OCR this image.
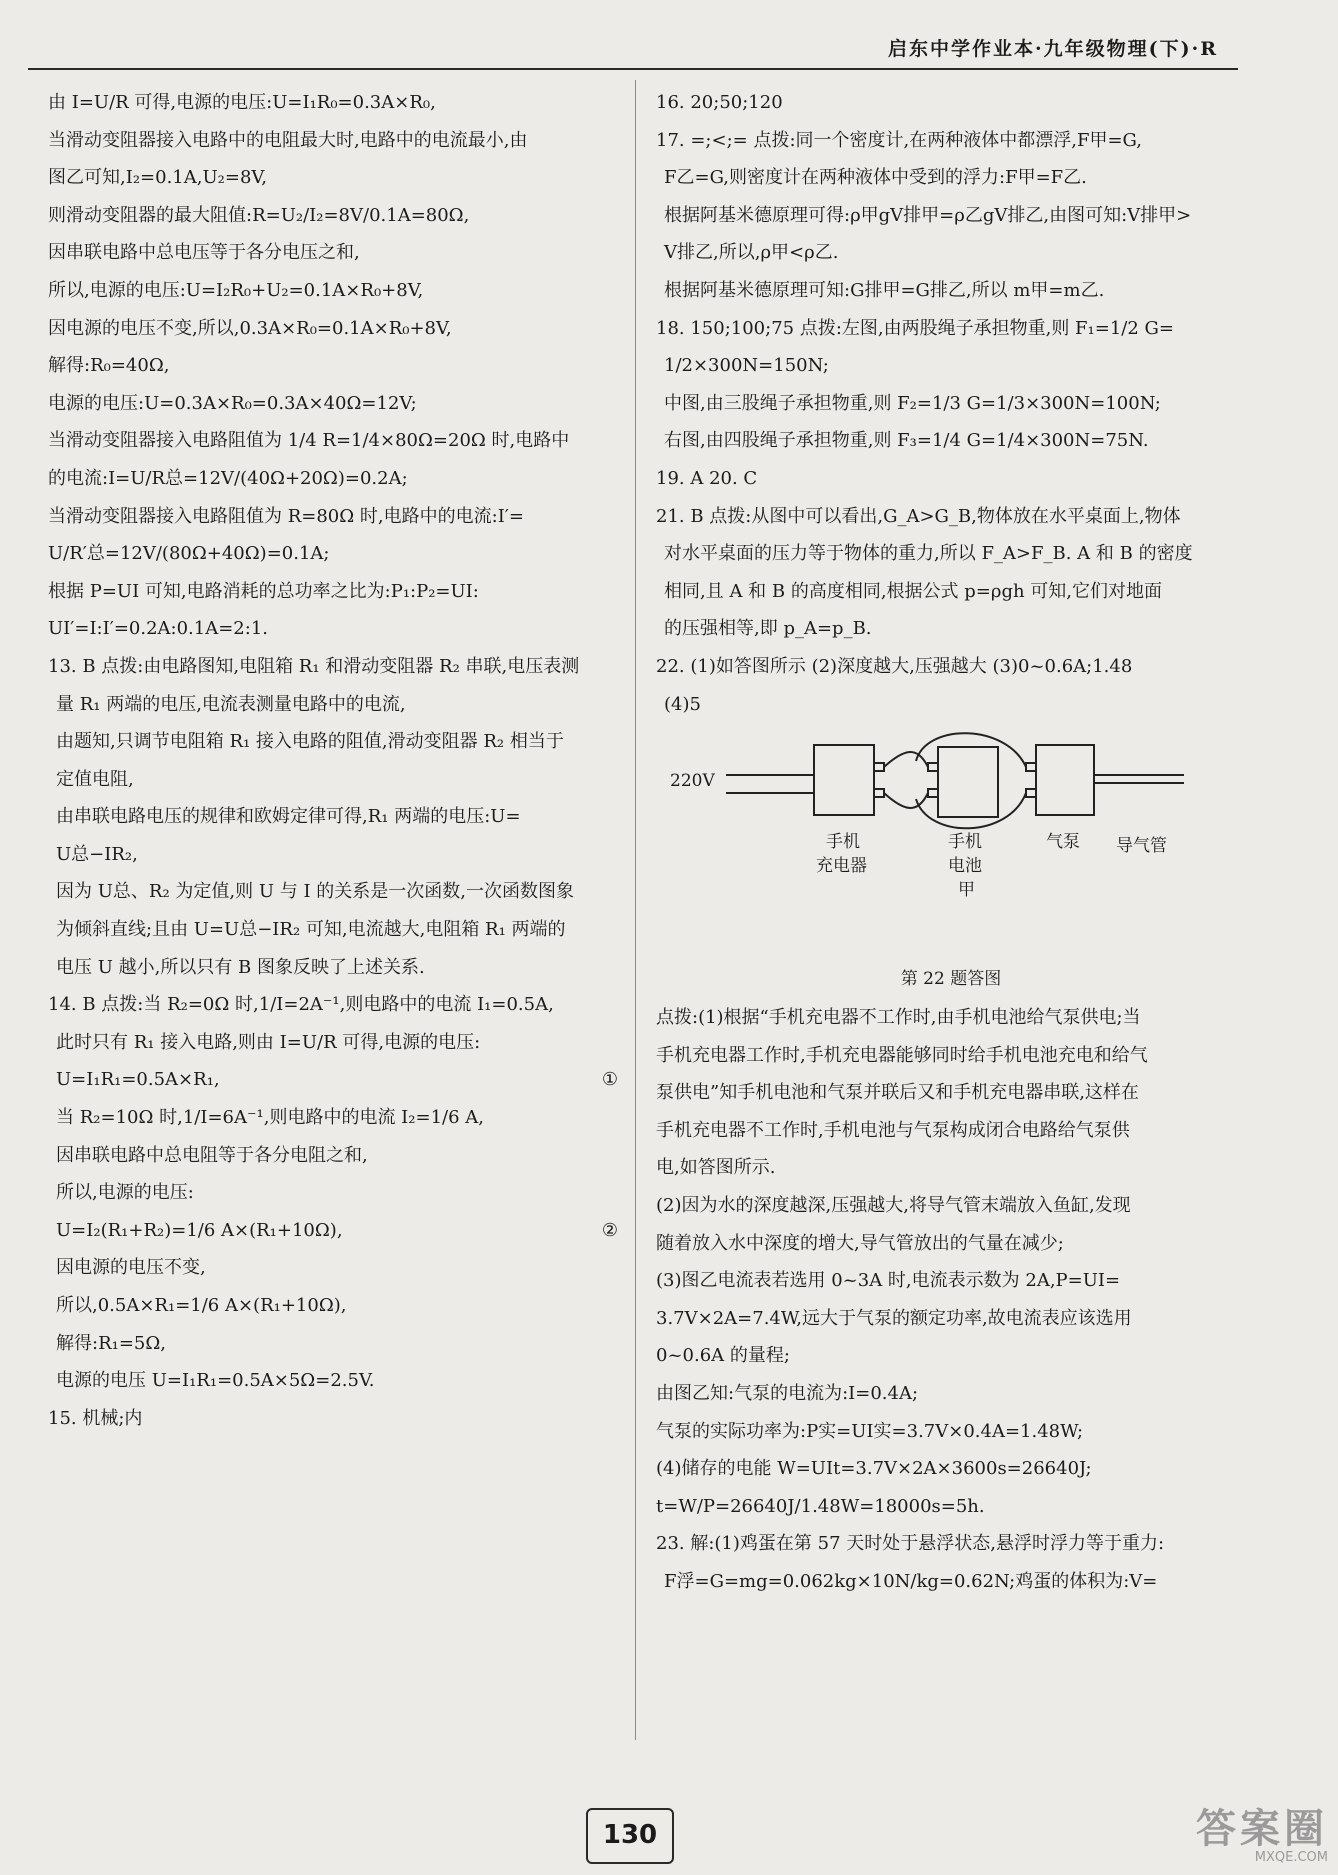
启东中学作业本·九年级物理(下)·R

由 I=U/R 可得,电源的电压:U=I₁R₀=0.3A×R₀,

当滑动变阻器接入电路中的电阻最大时,电路中的电流最小,由

图乙可知,I₂=0.1A,U₂=8V,

则滑动变阻器的最大阻值:R=U₂/I₂=8V/0.1A=80Ω,

因串联电路中总电压等于各分电压之和,

所以,电源的电压:U=I₂R₀+U₂=0.1A×R₀+8V,

因电源的电压不变,所以,0.3A×R₀=0.1A×R₀+8V,

解得:R₀=40Ω,

电源的电压:U=0.3A×R₀=0.3A×40Ω=12V;

当滑动变阻器接入电路阻值为 1/4 R=1/4×80Ω=20Ω 时,电路中

的电流:I=U/R总=12V/(40Ω+20Ω)=0.2A;

当滑动变阻器接入电路阻值为 R=80Ω 时,电路中的电流:I′=

U/R′总=12V/(80Ω+40Ω)=0.1A;

根据 P=UI 可知,电路消耗的总功率之比为:P₁:P₂=UI:

UI′=I:I′=0.2A:0.1A=2:1.

13. B 点拨:由电路图知,电阻箱 R₁ 和滑动变阻器 R₂ 串联,电压表测

量 R₁ 两端的电压,电流表测量电路中的电流,

由题知,只调节电阻箱 R₁ 接入电路的阻值,滑动变阻器 R₂ 相当于

定值电阻,

由串联电路电压的规律和欧姆定律可得,R₁ 两端的电压:U=

U总−IR₂,

因为 U总、R₂ 为定值,则 U 与 I 的关系是一次函数,一次函数图象

为倾斜直线;且由 U=U总−IR₂ 可知,电流越大,电阻箱 R₁ 两端的

电压 U 越小,所以只有 B 图象反映了上述关系.

14. B 点拨:当 R₂=0Ω 时,1/I=2A⁻¹,则电路中的电流 I₁=0.5A,

此时只有 R₁ 接入电路,则由 I=U/R 可得,电源的电压:

U=I₁R₁=0.5A×R₁,	①

当 R₂=10Ω 时,1/I=6A⁻¹,则电路中的电流 I₂=1/6 A,

因串联电路中总电阻等于各分电阻之和,

所以,电源的电压:

U=I₂(R₁+R₂)=1/6 A×(R₁+10Ω),	②

因电源的电压不变,

所以,0.5A×R₁=1/6 A×(R₁+10Ω),

解得:R₁=5Ω,

电源的电压 U=I₁R₁=0.5A×5Ω=2.5V.

15. 机械;内

16. 20;50;120

17. =;<;= 点拨:同一个密度计,在两种液体中都漂浮,F甲=G,

F乙=G,则密度计在两种液体中受到的浮力:F甲=F乙.

根据阿基米德原理可得:ρ甲gV排甲=ρ乙gV排乙,由图可知:V排甲>

V排乙,所以,ρ甲<ρ乙.

根据阿基米德原理可知:G排甲=G排乙,所以 m甲=m乙.

18. 150;100;75 点拨:左图,由两股绳子承担物重,则 F₁=1/2 G=

1/2×300N=150N;

中图,由三股绳子承担物重,则 F₂=1/3 G=1/3×300N=100N;

右图,由四股绳子承担物重,则 F₃=1/4 G=1/4×300N=75N.

19. A 20. C

21. B 点拨:从图中可以看出,G_A>G_B,物体放在水平桌面上,物体

对水平桌面的压力等于物体的重力,所以 F_A>F_B. A 和 B 的密度

相同,且 A 和 B 的高度相同,根据公式 p=ρgh 可知,它们对地面

的压强相等,即 p_A=p_B.

22. (1)如答图所示 (2)深度越大,压强越大 (3)0~0.6A;1.48

(4)5

220V
手机
充电器
手机
电池
甲
气泵 导气管

第 22 题答图

点拨:(1)根据“手机充电器不工作时,由手机电池给气泵供电;当

手机充电器工作时,手机充电器能够同时给手机电池充电和给气

泵供电”知手机电池和气泵并联后又和手机充电器串联,这样在

手机充电器不工作时,手机电池与气泵构成闭合电路给气泵供

电,如答图所示.

(2)因为水的深度越深,压强越大,将导气管末端放入鱼缸,发现

随着放入水中深度的增大,导气管放出的气量在减少;

(3)图乙电流表若选用 0~3A 时,电流表示数为 2A,P=UI=

3.7V×2A=7.4W,远大于气泵的额定功率,故电流表应该选用

0~0.6A 的量程;

由图乙知:气泵的电流为:I=0.4A;

气泵的实际功率为:P实=UI实=3.7V×0.4A=1.48W;

(4)储存的电能 W=UIt=3.7V×2A×3600s=26640J;

t=W/P=26640J/1.48W=18000s=5h.

23. 解:(1)鸡蛋在第 57 天时处于悬浮状态,悬浮时浮力等于重力:

F浮=G=mg=0.062kg×10N/kg=0.62N;鸡蛋的体积为:V=

130	答案圈
MXQE.COM
